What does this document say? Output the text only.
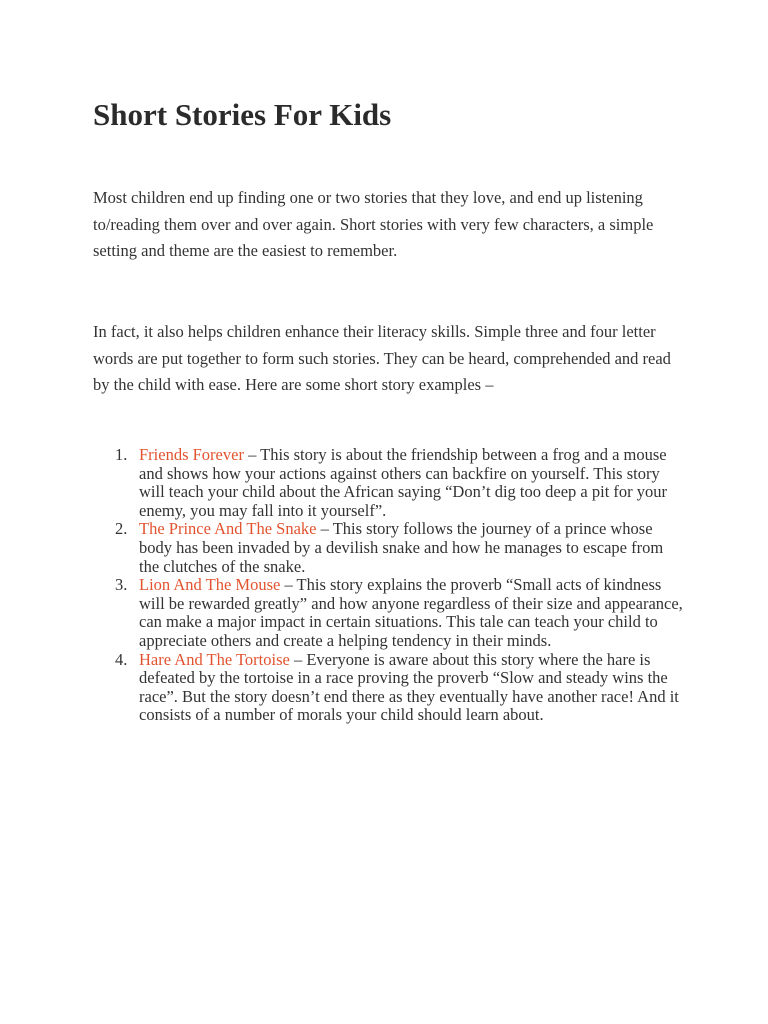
Short Stories For Kids

Most children end up finding one or two stories that they love, and end up listening to/reading them over and over again. Short stories with very few characters, a simple setting and theme are the easiest to remember.

In fact, it also helps children enhance their literacy skills. Simple three and four letter words are put together to form such stories. They can be heard, comprehended and read by the child with ease. Here are some short story examples –

1. Friends Forever – This story is about the friendship between a frog and a mouse and shows how your actions against others can backfire on yourself. This story will teach your child about the African saying “Don’t dig too deep a pit for your enemy, you may fall into it yourself”.
2. The Prince And The Snake – This story follows the journey of a prince whose body has been invaded by a devilish snake and how he manages to escape from the clutches of the snake.
3. Lion And The Mouse – This story explains the proverb “Small acts of kindness will be rewarded greatly” and how anyone regardless of their size and appearance, can make a major impact in certain situations. This tale can teach your child to appreciate others and create a helping tendency in their minds.
4. Hare And The Tortoise – Everyone is aware about this story where the hare is defeated by the tortoise in a race proving the proverb “Slow and steady wins the race”. But the story doesn’t end there as they eventually have another race! And it consists of a number of morals your child should learn about.
